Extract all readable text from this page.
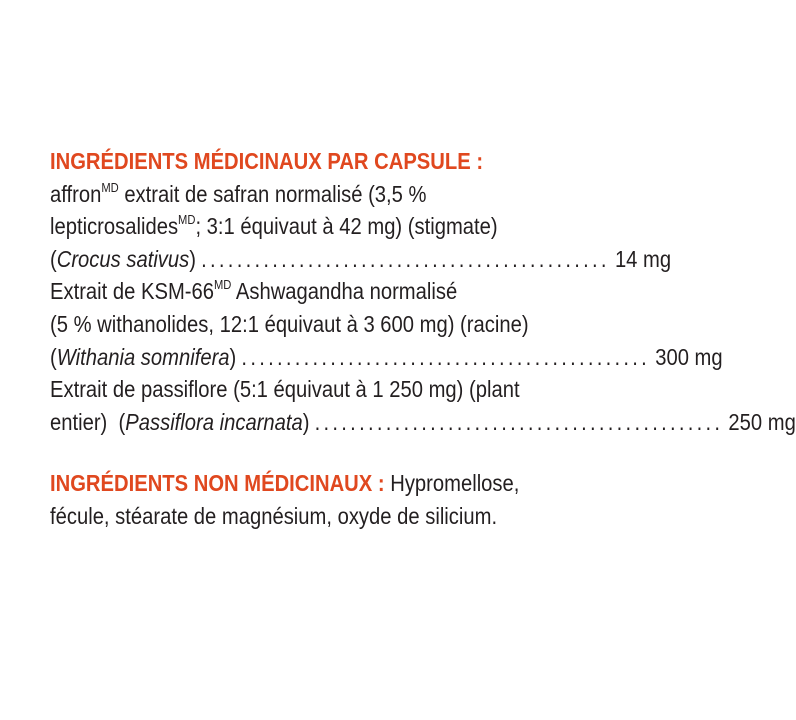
INGRÉDIENTS MÉDICINAUX PAR CAPSULE :
affron$^{MD}$ extrait de safran normalisé (3,5 %
lepticrosalides$^{MD}$; 3:1 équivaut à 42 mg) (stigmate)
(Crocus sativus) .............................................. 14 mg
Extrait de KSM-$66^{MD}$ Ashwagandha normalisé
(5 % withanolides, 12:1 équivaut à 3 600 mg) (racine)
(Withania somnifera) .............................................. 300 mg
Extrait de passiflore (5:1 équivaut à 1 250 mg) (plant
entier)  (Passiflora incarnata) .............................................. 250 mg
INGRÉDIENTS NON MÉDICINAUX : Hypromellose,
fécule, stéarate de magnésium, oxyde de silicium.
